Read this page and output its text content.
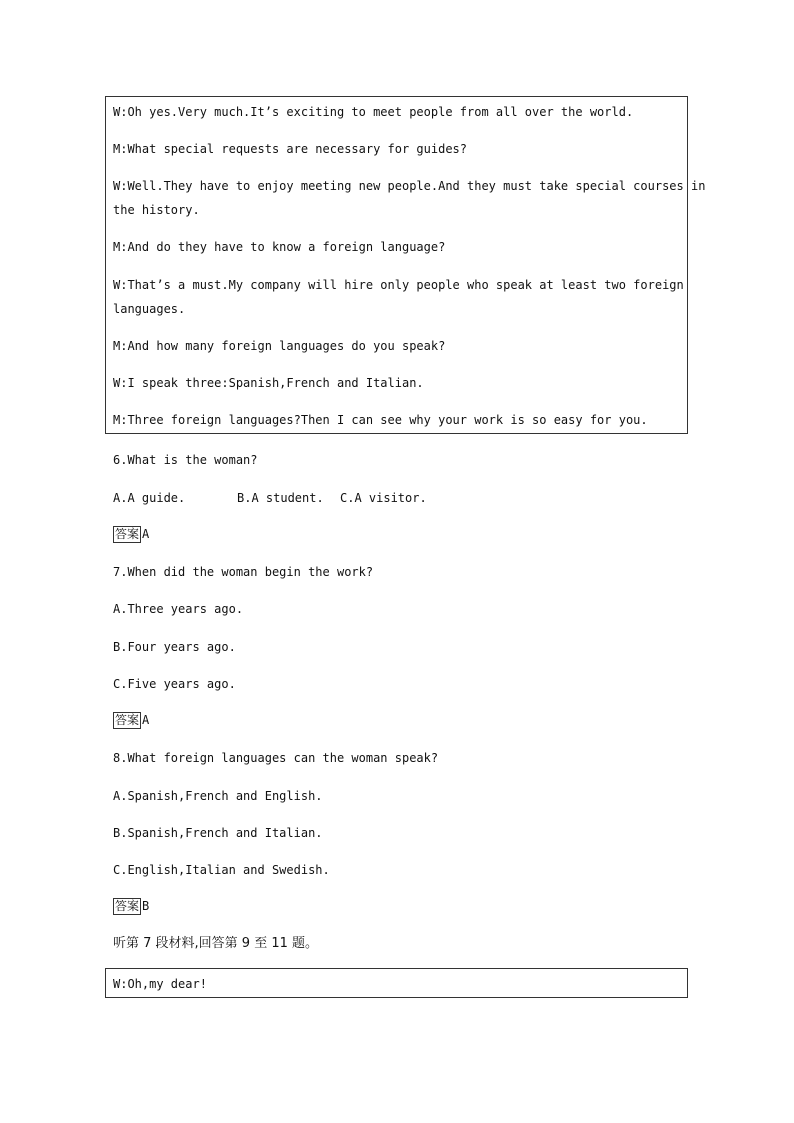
W:Oh yes.Very much.It’s exciting to meet people from all over the world.
M:What special requests are necessary for guides?
W:Well.They have to enjoy meeting new people.And they must take special courses in
the history.
M:And do they have to know a foreign language?
W:That’s a must.My company will hire only people who speak at least two foreign
languages.
M:And how many foreign languages do you speak?
W:I speak three:Spanish,French and Italian.
M:Three foreign languages?Then I can see why your work is so easy for you.
6.What is the woman?
A.A guide.	B.A student. C.A visitor.
答案 A
7.When did the woman begin the work?
A.Three years ago.
B.Four years ago.
C.Five years ago.
答案 A
8.What foreign languages can the woman speak?
A.Spanish,French and English.
B.Spanish,French and Italian.
C.English,Italian and Swedish.
答案 B
听第 7 段材料,回答第 9 至 11 题。
W:Oh,my dear!
